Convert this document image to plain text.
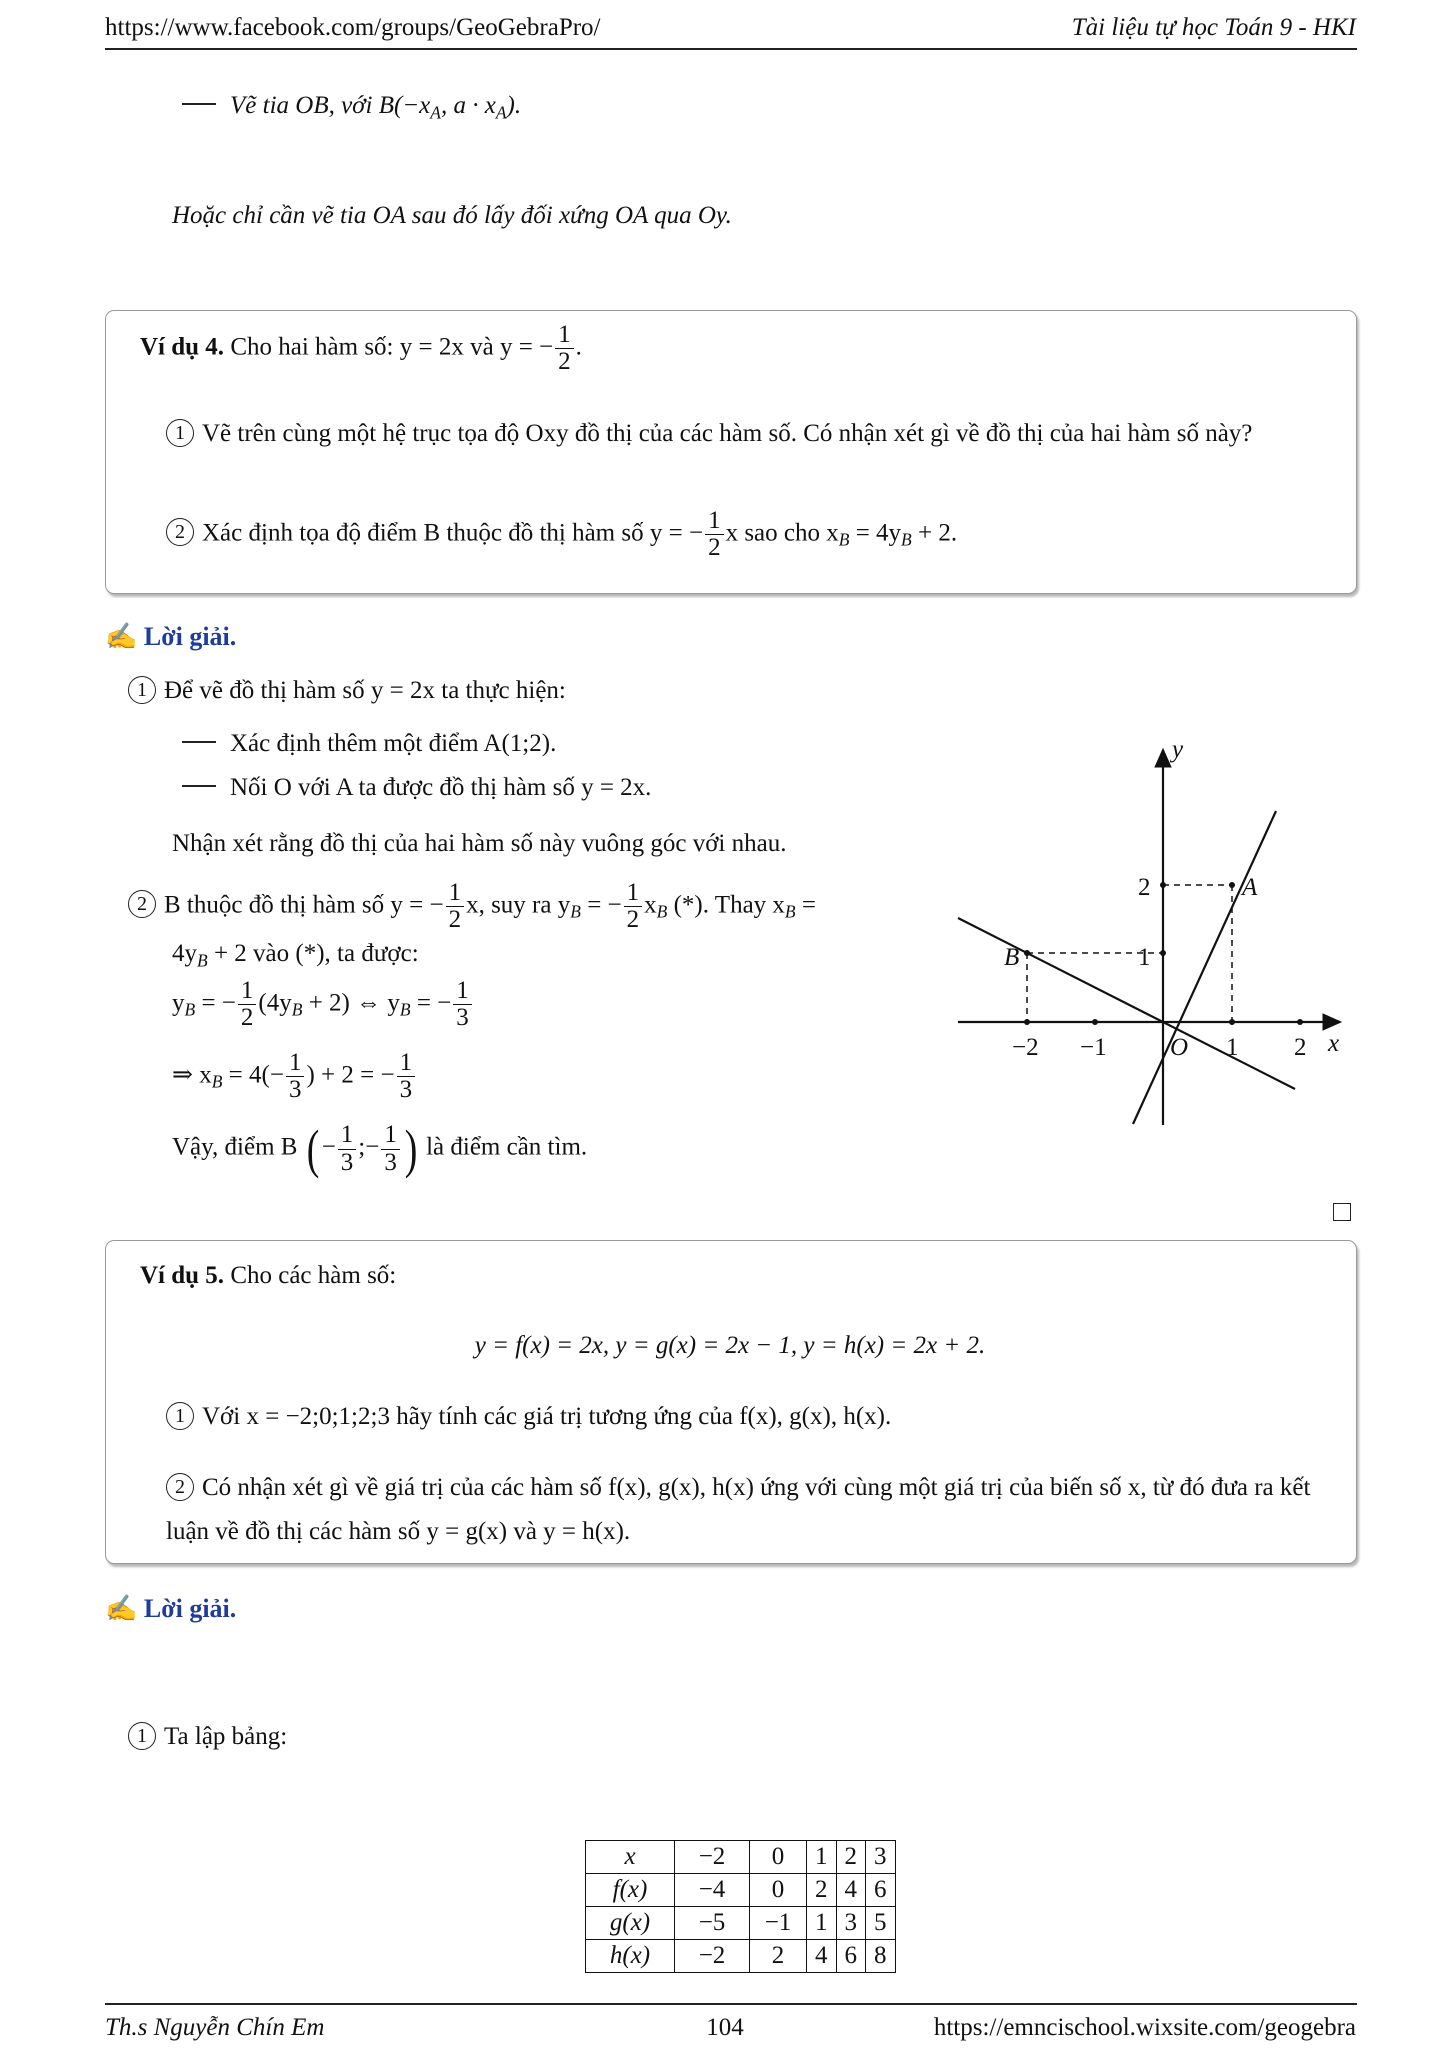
https://www.facebook.com/groups/GeoGebraPro/	Tài liệu tự học Toán 9 - HKI
Vẽ tia OB, với $B(-x_A$, $a \cdot x_A$).
Hoặc chỉ cần vẽ tia OA sau đó lấy đối xứng OA qua Oy.
Ví dụ 4. Cho hai hàm số: y = 2x và y = − $\frac{1}{2}$ .
1 Vẽ trên cùng một hệ trục tọa độ Oxy đồ thị của các hàm số. Có nhận xét gì về đồ thị của hai hàm số này?
2 Xác định tọa độ điểm B thuộc đồ thị hàm số y = − $\frac{1}{2}$ x sao cho $x_B = 4y_B + 2$.
✍ Lời giải.
1 Để vẽ đồ thị hàm số y = 2x ta thực hiện:
Xác định thêm một điểm A(1;2).
Nối O với A ta được đồ thị hàm số y = 2x.
Nhận xét rằng đồ thị của hai hàm số này vuông góc với nhau.
2 B thuộc đồ thị hàm số y = − $\frac{1}{2} x$, suy ra $y_B$ = − $\frac{1}{2} x_B$ (*). Thay $x_B$ =
$4y_B + 2$ vào (*), ta được:
$y_B$ = − $\frac{1}{2} (4y_B + 2)$ ⇔ $y_B$ = − $\frac{1}{3}$
⇒ $x_B = 4(- \frac{1}{3}$ ) + 2 = − $\frac{1}{3}$
Vậy, điểm B ( − $\frac{1}{3}$ ;− $\frac{1}{3}$ ) là điểm cần tìm.
y
x
O
A
B
−2 −1	1 2
1
2
Ví dụ 5. Cho các hàm số:
y = f(x) = 2x, y = g(x) = 2x − 1, y = h(x) = 2x + 2.
1 Với x = −2;0;1;2;3 hãy tính các giá trị tương ứng của f(x), g(x), h(x).
2 Có nhận xét gì về giá trị của các hàm số f(x), g(x), h(x) ứng với cùng một giá trị của biến số x, từ đó đưa ra kết luận về đồ thị các hàm số y = g(x) và y = h(x).
✍ Lời giải.
1 Ta lập bảng:
x	−2	0	1	2	3
f(x)	−4	0	2	4	6
g(x)	−5	−1	1	3	5
h(x)	−2	2	4	6	8
Th.s Nguyễn Chín Em	104	https://emncischool.wixsite.com/geogebra
